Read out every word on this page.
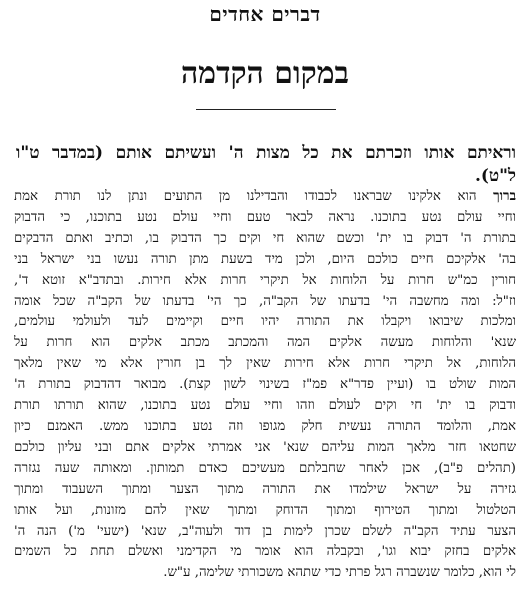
דברים אחדים
במקום הקדמה
וראיתם אותו וזכרתם את כל מצות ה' ועשיתם אותם (במדבר ט"ו
ל"ט).
ברוך הוא אלקינו שבראנו לכבודו והבדילנו מן התועים ונתן לנו תורת אמת
וחיי עולם נטע בתוכנו. נראה לבאר טעם וחיי עולם נטע בתוכנו, כי הדבוק
בתורת ה' דבוק בו ית' וכשם שהוא חי וקים כך הדבוק בו, וכתיב ואתם הדבקים
בה' אלקיכם חיים כולכם היום, ולכן מיד בשעת מתן תורה נעשו בני ישראל בני
חורין כמ"ש חרות על הלוחות אל תיקרי חרות אלא חירות. ובתדב"א זוטא ד',
וז"ל: ומה מחשבה הי' בדעתו של הקב"ה, כך הי' בדעתו של הקב"ה שכל אומה
ומלכות שיבואו ויקבלו את התורה יהיו חיים וקיימים לעד ולעולמי עולמים,
שנא' והלוחות מעשה אלקים המה והמכתב מכתב אלקים הוא חרות על
הלוחות, אל תיקרי חרות אלא חירות שאין לך בן חורין אלא מי שאין מלאך
המות שולט בו (ועיין פדר"א פמ"ז בשינוי לשון קצת). מבואר דהדבוק בתורת ה'
ודבוק בו ית' חי וקים לעולם וזהו וחיי עולם נטע בתוכנו, שהוא תורתו תורת
אמת, והלומד התורה נעשית חלק מגופו וזה נטע בתוכנו ממש. האמנם כיון
שחטאו חזר מלאך המות עליהם שנא' אני אמרתי אלקים אתם ובני עליון כולכם
(תהלים פ"ב), אכן לאחר שחבלתם מעשיכם כאדם תמותון. ומאותה שעה נגזרה
גזירה על ישראל שילמדו את התורה מתוך הצער ומתוך השעבוד ומתוך
הטלטול ומתוך הטירוף ומתוך הדוחק ומתוך שאין להם מזונות, ועל אותו
הצער עתיד הקב"ה לשלם שכרן לימות בן דוד ולעוה"ב, שנא' (ישעי' מ') הנה ה'
אלקים בחזק יבוא וגו', ובקבלה הוא אומר מי הקדימני ואשלם תחת כל השמים
לי הוא, כלומר שנשברה רגל פרתי כדי שתהא משכורתי שלימה, ע"ש.
